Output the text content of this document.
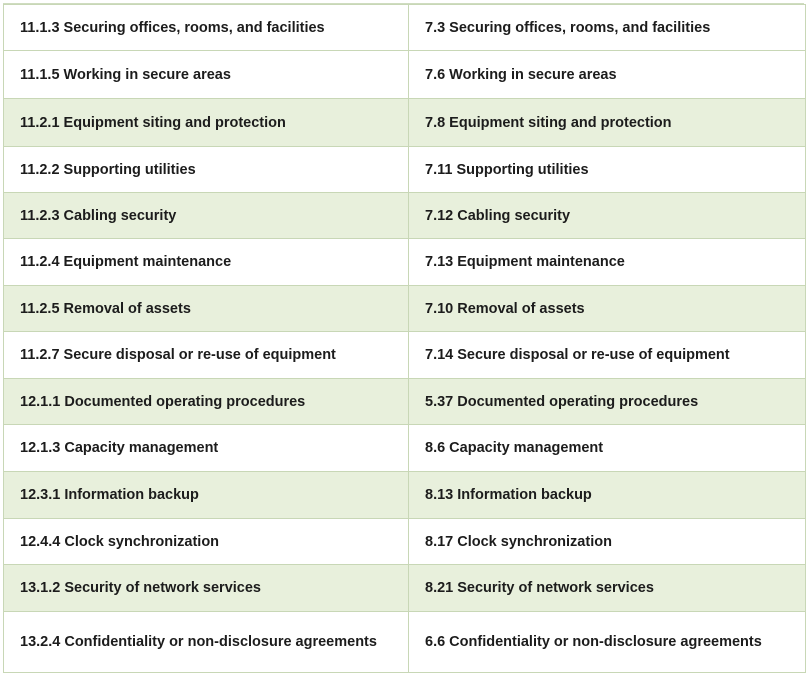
11.1.3 Securing offices, rooms, and facilities	7.3 Securing offices, rooms, and facilities
11.1.5 Working in secure areas	7.6 Working in secure areas
11.2.1 Equipment siting and protection	7.8 Equipment siting and protection
11.2.2 Supporting utilities	7.11 Supporting utilities
11.2.3 Cabling security	7.12 Cabling security
11.2.4 Equipment maintenance	7.13 Equipment maintenance
11.2.5 Removal of assets	7.10 Removal of assets
11.2.7 Secure disposal or re-use of equipment	7.14 Secure disposal or re-use of equipment
12.1.1 Documented operating procedures	5.37 Documented operating procedures
12.1.3 Capacity management	8.6 Capacity management
12.3.1 Information backup	8.13 Information backup
12.4.4 Clock synchronization	8.17 Clock synchronization
13.1.2 Security of network services	8.21 Security of network services
13.2.4 Confidentiality or non-disclosure agreements	6.6 Confidentiality or non-disclosure agreements
